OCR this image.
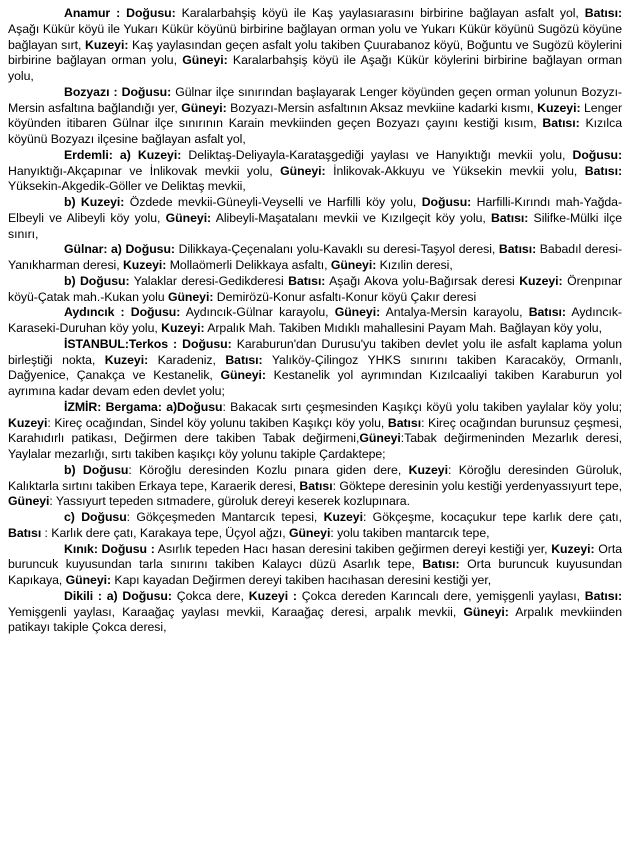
Anamur : Doğusu: Karalarbahşiş köyü ile Kaş yaylasıarasını birbirine bağlayan asfalt yol, Batısı: Aşağı Kükür köyü ile Yukarı Kükür köyünü birbirine bağlayan orman yolu ve Yukarı Kükür köyünü Sugözü köyüne bağlayan sırt, Kuzeyi: Kaş yaylasından geçen asfalt yolu takiben Çuurabanoz köyü, Boğuntu ve Sugözü köylerini birbirine bağlayan orman yolu, Güneyi: Karalarbahşiş köyü ile Aşağı Kükür köylerini birbirine bağlayan orman yolu,

Bozyazı : Doğusu: Gülnar ilçe sınırından başlayarak Lenger köyünden geçen orman yolunun Bozyzı-Mersin asfaltına bağlandığı yer, Güneyi: Bozyazı-Mersin asfaltının Aksaz mevkiine kadarki kısmı, Kuzeyi: Lenger köyünden itibaren Gülnar ilçe sınırının Karain mevkiinden geçen Bozyazı çayını kestiği kısım, Batısı: Kızılca köyünü Bozyazı ilçesine bağlayan asfalt yol,

Erdemli: a) Kuzeyi: Deliktaş-Deliyayla-Karataşgediği yaylası ve Hanyıktığı mevkii yolu, Doğusu: Hanyıktığı-Akçapınar ve İnlikovak mevkii yolu, Güneyi: İnlikovak-Akkuyu ve Yüksekin mevkii yolu, Batısı: Yüksekin-Akgedik-Göller ve Deliktaş mevkii,

b) Kuzeyi: Özdede mevkii-Güneyli-Veyselli ve Harfilli köy yolu, Doğusu: Harfilli-Kırındı mah-Yağda-Elbeyli ve Alibeyli köy yolu, Güneyi: Alibeyli-Maşatalanı mevkii ve Kızılgeçit köy yolu, Batısı: Silifke-Mülki ilçe sınırı,

Gülnar: a) Doğusu: Dilikkaya-Çeçenalanı yolu-Kavaklı su deresi-Taşyol deresi, Batısı: Babadıl deresi-Yanıkharman deresi, Kuzeyi: Mollaömerli Delikkaya asfaltı, Güneyi: Kızılin deresi,

b) Doğusu: Yalaklar deresi-Gedikderesi Batısı: Aşağı Akova yolu-Bağırsak deresi Kuzeyi: Örenpınar köyü-Çatak mah.-Kukan yolu Güneyi: Demirözü-Konur asfaltı-Konur köyü Çakır deresi

Aydıncık : Doğusu: Aydıncık-Gülnar karayolu, Güneyi: Antalya-Mersin karayolu, Batısı: Aydıncık-Karaseki-Duruhan köy yolu, Kuzeyi: Arpalık Mah. Takiben Mıdıklı mahallesini Payam Mah. Bağlayan köy yolu,

İSTANBUL:Terkos : Doğusu: Karaburun'dan Durusu'yu takiben devlet yolu ile asfalt kaplama yolun birleştiği nokta, Kuzeyi: Karadeniz, Batısı: Yalıköy-Çilingoz YHKS sınırını takiben Karacaköy, Ormanlı, Dağyenice, Çanakça ve Kestanelik, Güneyi: Kestanelik yol ayrımından Kızılcaaliyi takiben Karaburun yol ayrımına kadar devam eden devlet yolu;

İZMİR: Bergama: a)Doğusu: Bakacak sırtı çeşmesinden Kaşıkçı köyü yolu takiben yaylalar köy yolu; Kuzeyi: Kireç ocağından, Sindel köy yolunu takiben Kaşıkçı köy yolu, Batısı: Kireç ocağından burunsuz çeşmesi, Karahıdırlı patikası, Değirmen dere takiben Tabak değirmeni,Güneyi:Tabak değirmeninden Mezarlık deresi, Yaylalar mezarlığı, sırtı takiben kaşıkçı köy yolunu takiple Çardaktepe;

b) Doğusu: Köroğlu deresinden Kozlu pınara giden dere, Kuzeyi: Köroğlu deresinden Güroluk, Kalıktarla sırtını takiben Erkaya tepe, Karaerik deresi, Batısı: Göktepe deresinin yolu kestiği yerdenyassıyurt tepe, Güneyi: Yassıyurt tepeden sıtmadere, güroluk dereyi keserek kozlupınara.

c) Doğusu: Gökçeşmeden Mantarcık tepesi, Kuzeyi: Gökçeşme, kocaçukur tepe karlık dere çatı, Batısı : Karlık dere çatı, Karakaya tepe, Üçyol ağzı, Güneyi: yolu takiben mantarcık tepe,

Kınık: Doğusu : Asırlık tepeden Hacı hasan deresini takiben geğirmen dereyi kestiği yer, Kuzeyi: Orta buruncuk kuyusundan tarla sınırını takiben Kalaycı düzü Asarlık tepe, Batısı: Orta buruncuk kuyusundan Kapıkaya, Güneyi: Kapı kayadan Değirmen dereyi takiben hacıhasan deresini kestiği yer,

Dikili : a) Doğusu: Çokca dere, Kuzeyi : Çokca dereden Karıncalı dere, yemişgenli yaylası, Batısı: Yemişgenli yaylası, Karaağaç yaylası mevkii, Karaağaç deresi, arpalık mevkii, Güneyi: Arpalık mevkiinden patikayı takiple Çokca deresi,
